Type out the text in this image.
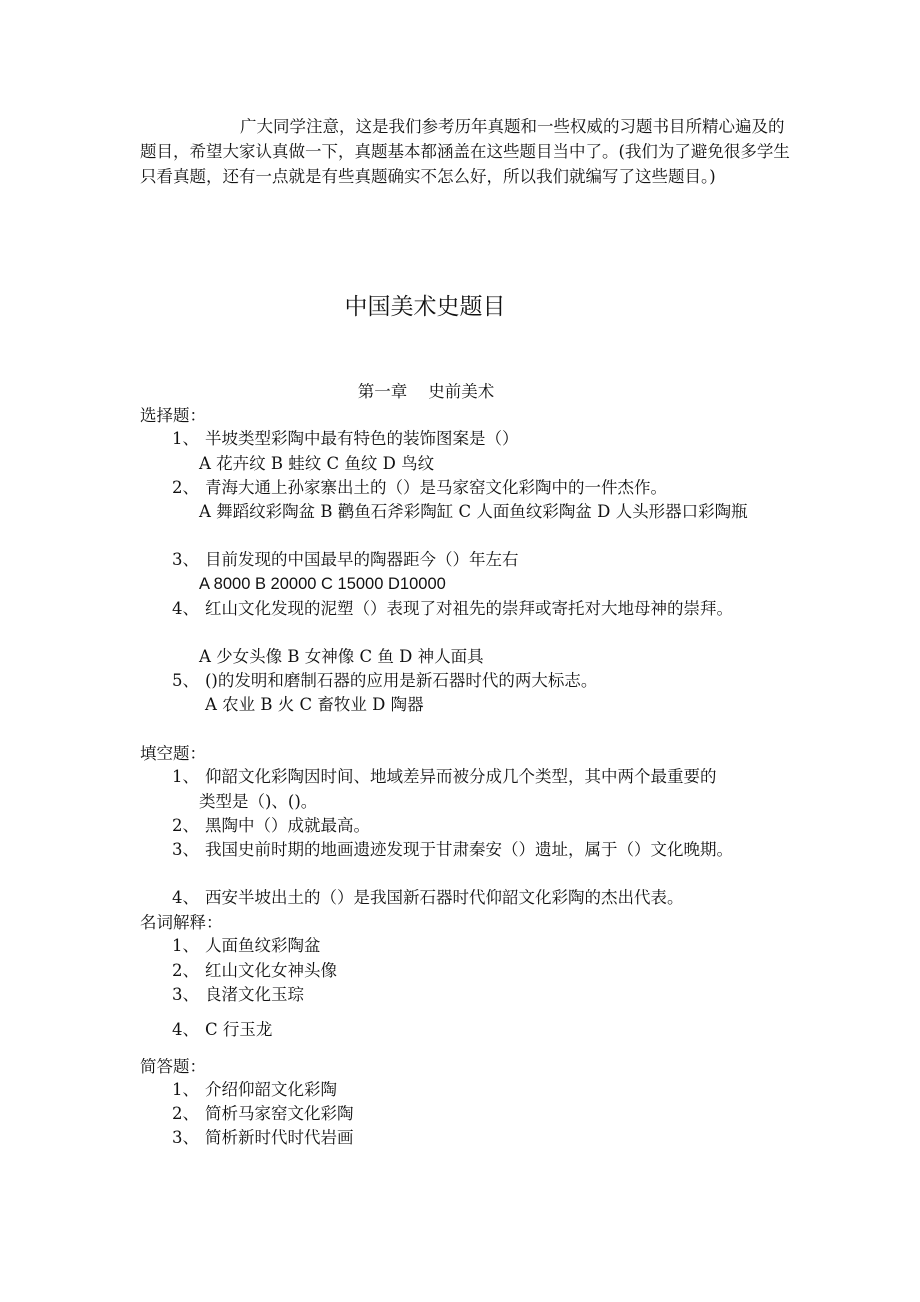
广大同学注意，这是我们参考历年真题和一些权威的习题书目所精心遍及的题目，希望大家认真做一下，真题基本都涵盖在这些题目当中了。(我们为了避免很多学生只看真题，还有一点就是有些真题确实不怎么好，所以我们就编写了这些题目。)

中国美术史题目

第一章    史前美术

选择题：

1、 半坡类型彩陶中最有特色的装饰图案是（）

A 花卉纹 B 蛙纹 C 鱼纹 D 鸟纹

2、 青海大通上孙家寨出土的（）是马家窑文化彩陶中的一件杰作。

A 舞蹈纹彩陶盆 B 鹳鱼石斧彩陶缸 C 人面鱼纹彩陶盆 D 人头形器口彩陶瓶

3、 目前发现的中国最早的陶器距今（）年左右

A 8000 B 20000 C 15000 D10000

4、 红山文化发现的泥塑（）表现了对祖先的崇拜或寄托对大地母神的崇拜。

A 少女头像 B 女神像 C 鱼 D 神人面具

5、 ()的发明和磨制石器的应用是新石器时代的两大标志。

A 农业 B 火 C 畜牧业 D 陶器

填空题：

1、 仰韶文化彩陶因时间、地域差异而被分成几个类型，其中两个最重要的

类型是（)、()。

2、 黑陶中（）成就最高。

3、 我国史前时期的地画遗迹发现于甘肃秦安（）遗址，属于（）文化晚期。

4、 西安半坡出土的（）是我国新石器时代仰韶文化彩陶的杰出代表。

名词解释：

1、 人面鱼纹彩陶盆

2、 红山文化女神头像

3、 良渚文化玉琮

4、 C 行玉龙

简答题：

1、 介绍仰韶文化彩陶

2、 简析马家窑文化彩陶

3、 简析新时代时代岩画
